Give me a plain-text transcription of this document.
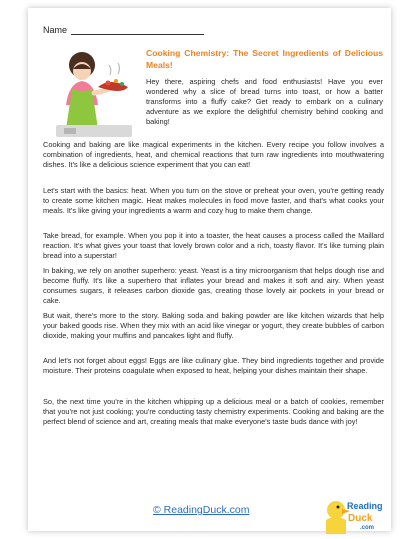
Name
Cooking Chemistry: The Secret Ingredients of Delicious Meals!

Hey there, aspiring chefs and food enthusiasts! Have you ever wondered why a slice of bread turns into toast, or how a batter transforms into a fluffy cake? Get ready to embark on a culinary adventure as we explore the delightful chemistry behind cooking and baking!

Cooking and baking are like magical experiments in the kitchen. Every recipe you follow involves a combination of ingredients, heat, and chemical reactions that turn raw ingredients into mouthwatering dishes. It's like a delicious science experiment that you can eat!

Let's start with the basics: heat. When you turn on the stove or preheat your oven, you're getting ready to create some kitchen magic. Heat makes molecules in food move faster, and that's what cooks your meals. It's like giving your ingredients a warm and cozy hug to make them change.

Take bread, for example. When you pop it into a toaster, the heat causes a process called the Maillard reaction. It's what gives your toast that lovely brown color and a rich, toasty flavor. It's like turning plain bread into a superstar!

In baking, we rely on another superhero: yeast. Yeast is a tiny microorganism that helps dough rise and become fluffy. It's like a superhero that inflates your bread and makes it soft and airy. When yeast consumes sugars, it releases carbon dioxide gas, creating those lovely air pockets in your bread or cake.

But wait, there's more to the story. Baking soda and baking powder are like kitchen wizards that help your baked goods rise. When they mix with an acid like vinegar or yogurt, they create bubbles of carbon dioxide, making your muffins and pancakes light and fluffy.

And let's not forget about eggs! Eggs are like culinary glue. They bind ingredients together and provide moisture. Their proteins coagulate when exposed to heat, helping your dishes maintain their shape.

So, the next time you're in the kitchen whipping up a delicious meal or a batch of cookies, remember that you're not just cooking; you're conducting tasty chemistry experiments. Cooking and baking are the perfect blend of science and art, creating meals that make everyone's taste buds dance with joy!

© ReadingDuck.com	Reading
Duck
.com
